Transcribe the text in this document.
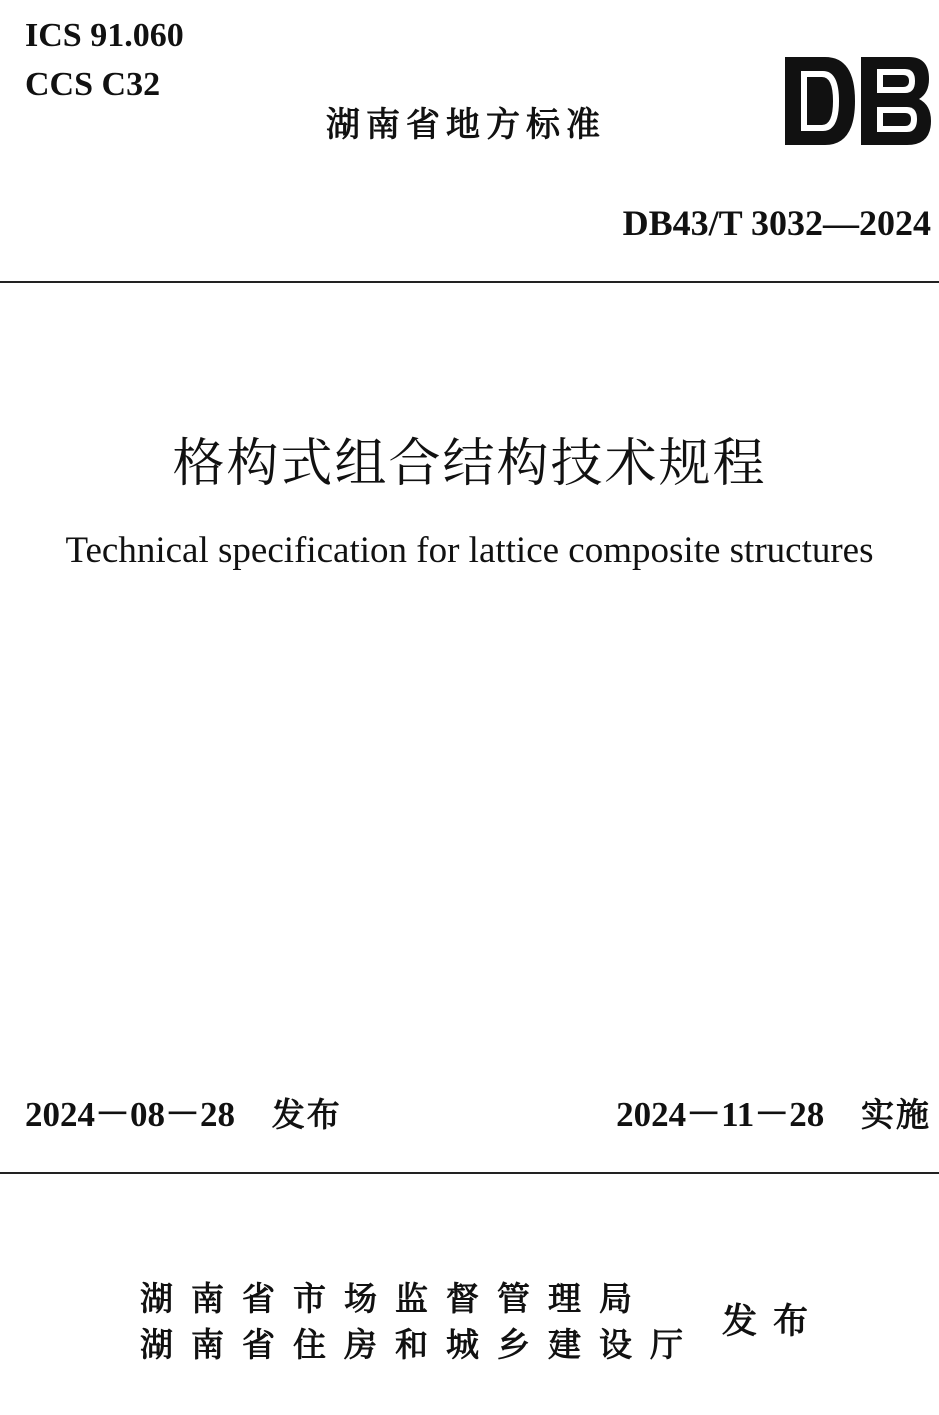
ICS 91.060
CCS C32
湖南省地方标准
DB43/T 3032—2024
格构式组合结构技术规程
Technical specification for lattice composite structures
2024－08－28 发布	2024－11－28 实施
湖南省市场监督管理局
湖南省住房和城乡建设厅
发布
